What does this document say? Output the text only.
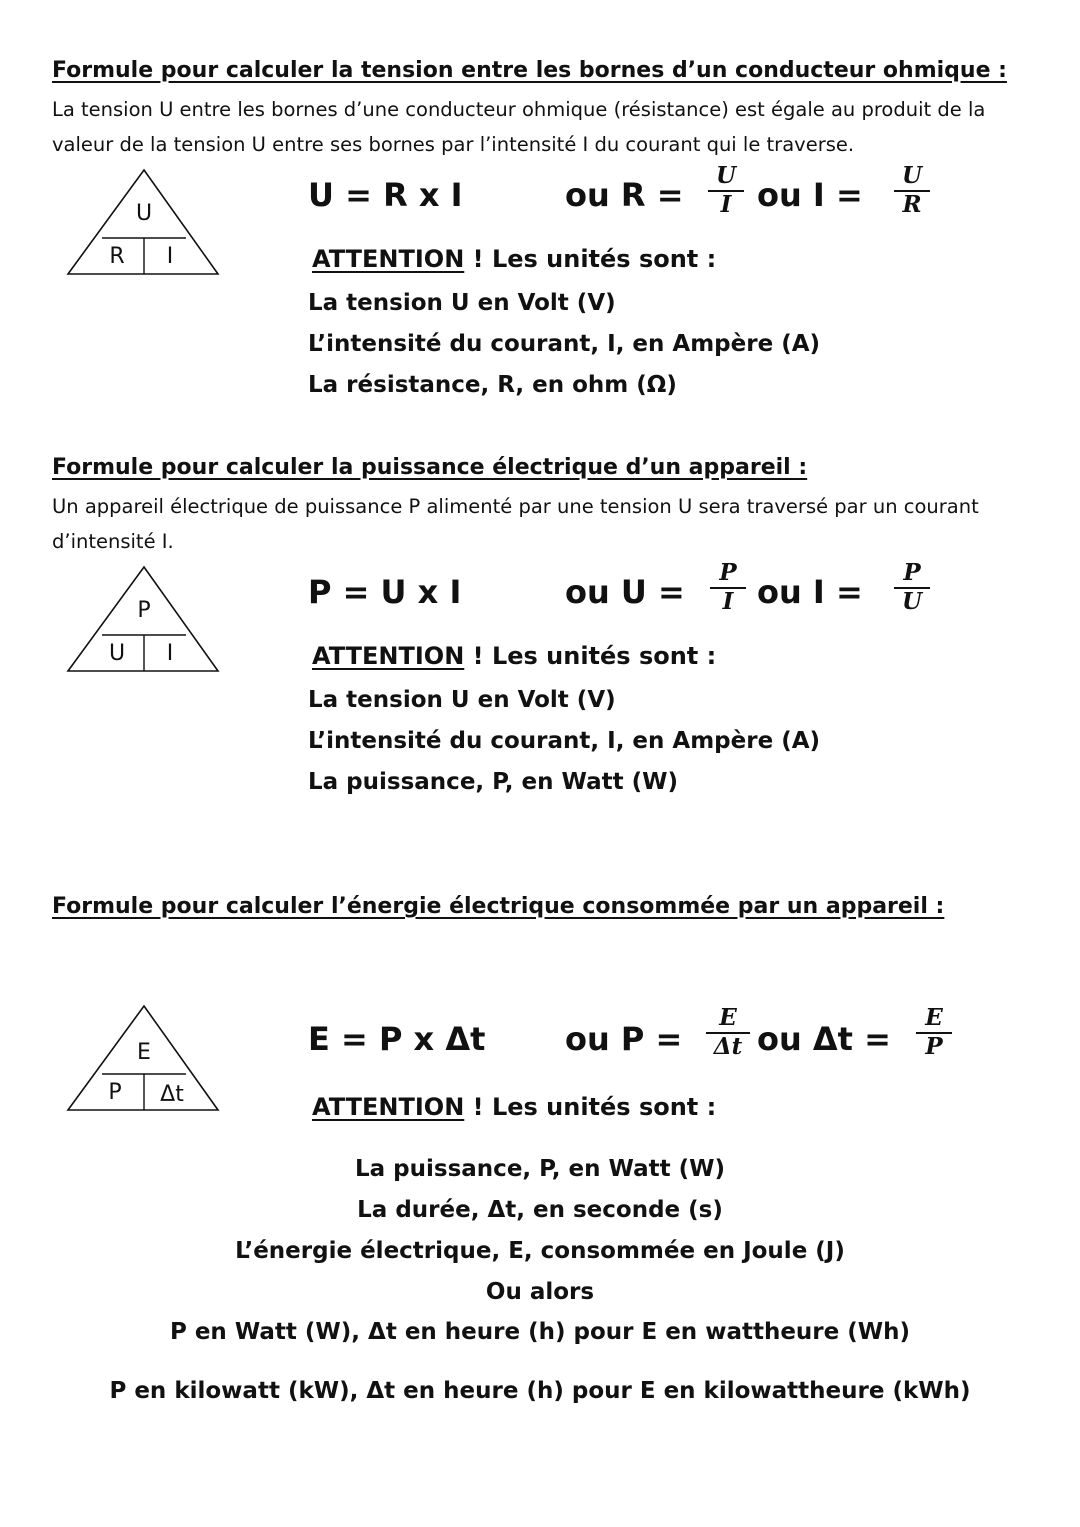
Formule pour calculer la tension entre les bornes d’un conducteur ohmique :
La tension U entre les bornes d’une conducteur ohmique (résistance) est égale au produit de la valeur de la tension U entre ses bornes par l’intensité I du courant qui le traverse.
U
R I
U = R x I	ou $R = \frac{U}{I}$ ou $I = \frac{U}{R}$
ATTENTION ! Les unités sont :
La tension U en Volt (V)
L’intensité du courant, I, en Ampère (A)
La résistance, R, en ohm (Ω)
Formule pour calculer la puissance électrique d’un appareil :
Un appareil électrique de puissance P alimenté par une tension U sera traversé par un courant d’intensité I.
P
U I
P = U x I	ou $U = \frac{P}{I}$ ou $I = \frac{P}{U}$
ATTENTION ! Les unités sont :
La tension U en Volt (V)
L’intensité du courant, I, en Ampère (A)
La puissance, P, en Watt (W)
Formule pour calculer l’énergie électrique consommée par un appareil :
E
P Δt
E = P x Δt ou $P = \frac{E}{\Delta t}$ ou $\Delta t = \frac{E}{P}$
ATTENTION ! Les unités sont :
La puissance, P, en Watt (W)
La durée, Δt, en seconde (s)
L’énergie électrique, E, consommée en Joule (J)
Ou alors
P en Watt (W), Δt en heure (h) pour E en wattheure (Wh)
P en kilowatt (kW), Δt en heure (h) pour E en kilowattheure (kWh)
